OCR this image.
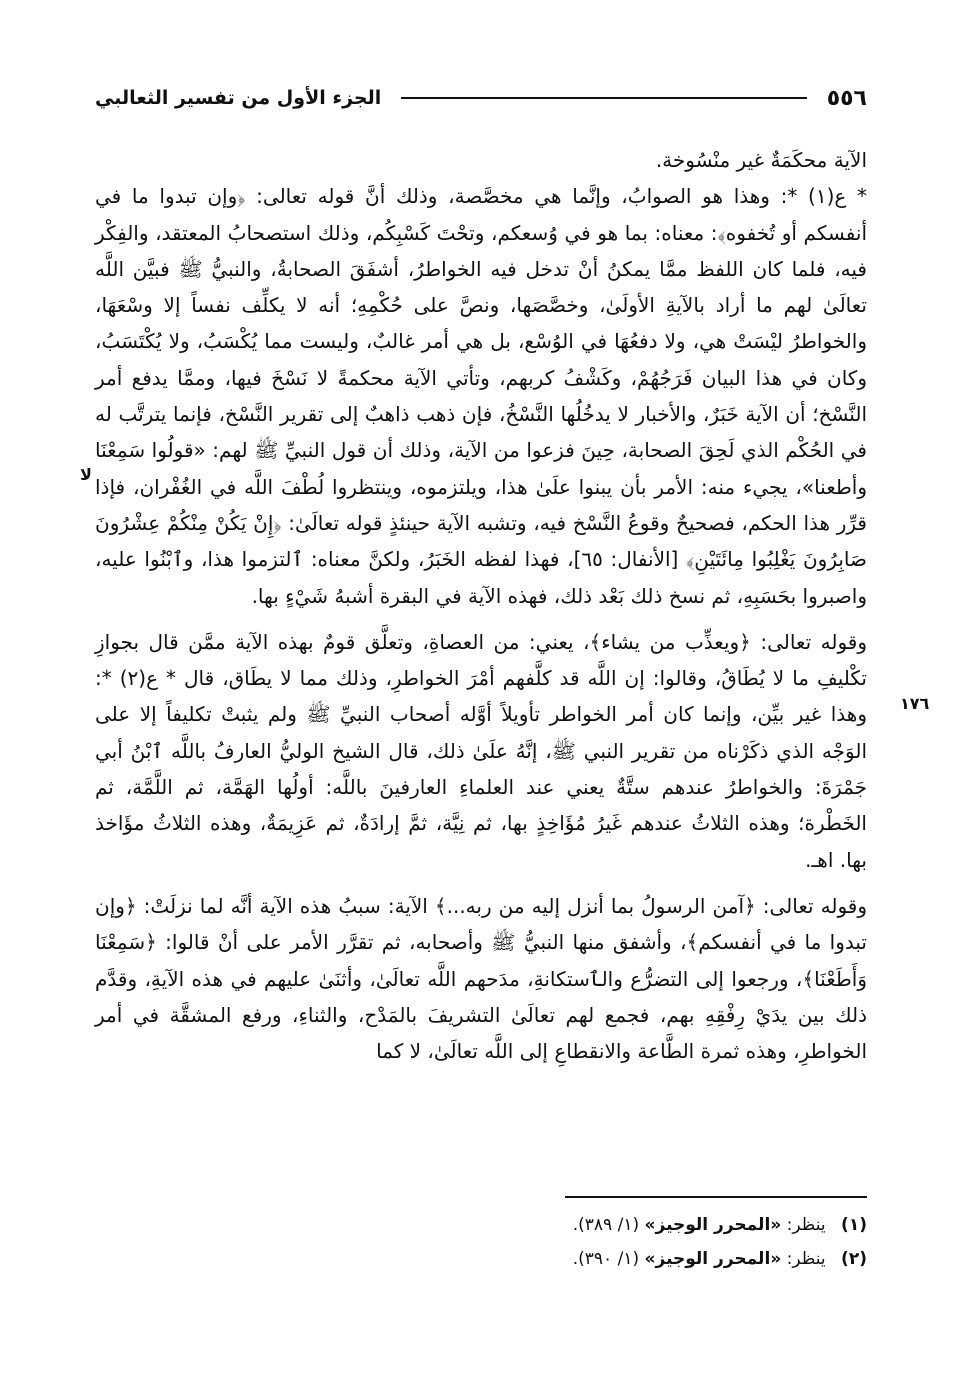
٥٥٦
الجزء الأول من تفسير الثعالبي
١٧٦
لا

الآية محكَمَةٌ غير منْسُوخة.
* ع(١) *: وهذا هو الصوابُ، وإنَّما هي مخصَّصة، وذلك أنَّ قوله تعالى: ﴿وإن تبدوا ما في أنفسكم أو تُخفوه﴾: معناه: بما هو في وُسعكم، وتحْتَ كَسْبِكُم، وذلك استصحابُ المعتقد، والفِكْر فيه، فلما كان اللفظ ممَّا يمكنُ أنْ تدخل فيه الخواطرُ، أشفَقَ الصحابةُ، والنبيُّ ﷺ فبيَّن اللَّه تعالَىٰ لهم ما أراد بالآيةِ الأولَىٰ، وخصَّصَها، ونصَّ على حُكْمِهِ؛ أنه لا يكلِّف نفساً إلا وسْعَهَا، والخواطرُ ليْسَتْ هي، ولا دفعُهَا في الوُسْع، بل هي أمر غالبٌ، وليست مما يُكْسَبُ، ولا يُكْتَسَبُ، وكان في هذا البيان فَرَجُهُمْ، وكَشْفُ كربهم، وتأتي الآية محكمةً لا نَسْخَ فيها، وممَّا يدفع أمر النَّسْخ؛ أن الآية خَبَرٌ، والأخبار لا يدخُلُها النَّسْخُ، فإن ذهب ذاهبٌ إلى تقرير النَّسْخ، فإنما يترتَّب له في الحُكْم الذي لَحِقَ الصحابة، حِينَ فزعوا من الآية، وذلك أن قول النبيِّ ﷺ لهم: «قولُوا سَمِعْنَا وأطعنا»، يجيء منه: الأمر بأن يبنوا علَىٰ هذا، ويلتزموه، وينتظروا لُطْفَ اللَّه في الغُفْران، فإذا قرِّر هذا الحكم، فصحيحٌ وقوعُ النَّسْخ فيه، وتشبه الآية حينئذٍ قوله تعالَىٰ: ﴿إِنْ يَكُنْ مِنْكُمْ عِشْرُونَ صَابِرُونَ يَغْلِبُوا مِائَتَيْنِ﴾ [الأنفال: ٦٥]، فهذا لفظه الخَبَرُ، ولكنَّ معناه: ٱلتزموا هذا، وٱبْنُوا عليه، واصبروا بحَسَبِهِ، ثم نسخ ذلك بَعْد ذلك، فهذه الآية في البقرة أشبهُ شَيْءٍ بها.

وقوله تعالى: ﴿ويعذِّب من يشاء﴾، يعني: من العصاةِ، وتعلَّق قومٌ بهذه الآية ممَّن قال بجوازِ تكْليفِ ما لا يُطَاقُ، وقالوا: إن اللَّه قد كلَّفهم أمْرَ الخواطرِ، وذلك مما لا يطَاق، قال * ع(٢) *: وهذا غير بيِّن، وإنما كان أمر الخواطر تأويلاً أوَّله أصحاب النبيِّ ﷺ ولم يثبتْ تكليفاً إلا على الوَجْه الذي ذكَرْناه من تقرير النبي ﷺ، إنَّهُ علَىٰ ذلك، قال الشيخ الوليُّ العارفُ باللَّه ٱبْنُ أبي جَمْرَةَ: والخواطرُ عندهم ستَّةٌ يعني عند العلماءِ العارفينَ باللَّه: أولُها الهَمَّة، ثم اللَّمَّة، ثم الخَطْرة؛ وهذه الثلاثُ عندهم غَيرُ مُؤَاخِذٍ بها، ثم نِيَّة، ثمَّ إرادَةٌ، ثم عَزِيمَةٌ، وهذه الثلاثُ مؤَاخذ بها. اهـ.

وقوله تعالى: ﴿آمن الرسولُ بما أنزل إليه من ربه...﴾ الآية: سببُ هذه الآية أنَّه لما نزلَتْ: ﴿وإن تبدوا ما في أنفسكم﴾، وأشفق منها النبيُّ ﷺ وأصحابه، ثم تقرَّر الأمر على أنْ قالوا: ﴿سَمِعْنَا وَأَطَعْنَا﴾، ورجعوا إلى التضرُّع والٱستكانةِ، مدَحهم اللَّه تعالَىٰ، وأثنَىٰ عليهم في هذه الآيةِ، وقدَّم ذلك بين يدَيْ رِفْقِهِ بهم، فجمع لهم تعالَىٰ التشريفَ بالمَدْح، والثناءِ، ورفع المشقَّة في أمر الخواطرِ، وهذه ثمرة الطَّاعة والانقطاعِ إلى اللَّه تعالَىٰ، لا كما

(١) ينظر: «المحرر الوجيز» (١/ ٣٨٩).

(٢) ينظر: «المحرر الوجيز» (١/ ٣٩٠).
